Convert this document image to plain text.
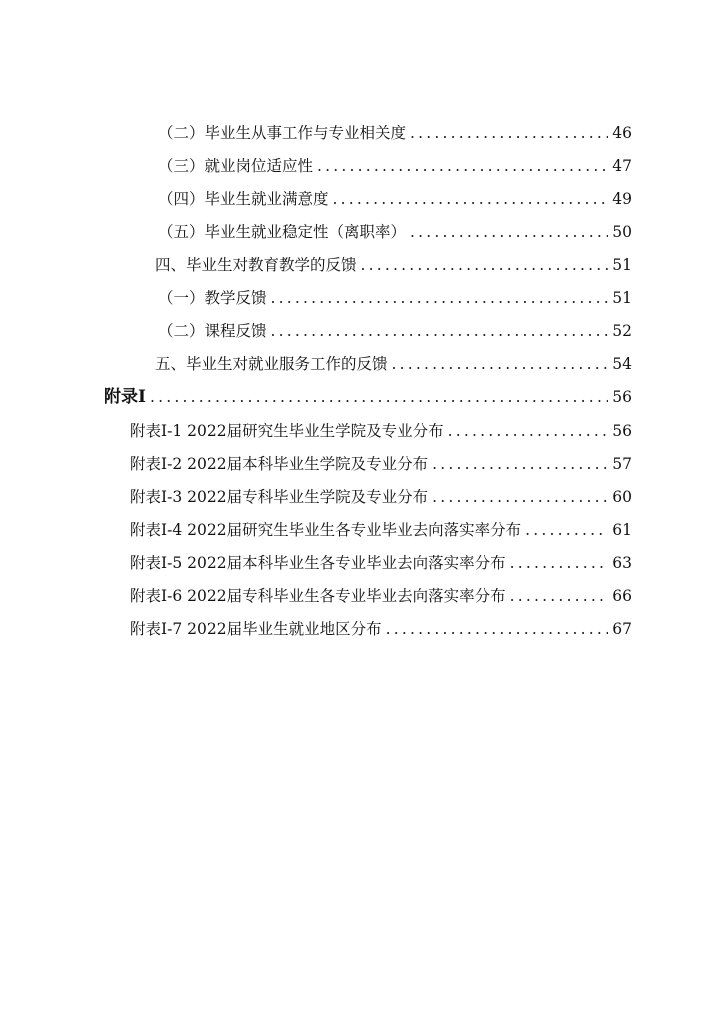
（二）毕业生从事工作与专业相关度 .....	46
（三）就业岗位适应性 .....	47
（四）毕业生就业满意度 .....	49
（五）毕业生就业稳定性（离职率） .....	50
四、毕业生对教育教学的反馈 .....	51
（一）教学反馈 .....	51
（二）课程反馈 .....	52
五、毕业生对就业服务工作的反馈 .....	54
附录Ⅰ .....	56
附表Ⅰ-1 2022届研究生毕业生学院及专业分布 .....	56
附表Ⅰ-2 2022届本科毕业生学院及专业分布 .....	57
附表Ⅰ-3 2022届专科毕业生学院及专业分布 .....	60
附表Ⅰ-4 2022届研究生毕业生各专业毕业去向落实率分布 .....	61
附表Ⅰ-5 2022届本科毕业生各专业毕业去向落实率分布 .....	63
附表Ⅰ-6 2022届专科毕业生各专业毕业去向落实率分布 .....	66
附表Ⅰ-7 2022届毕业生就业地区分布 .....	67
